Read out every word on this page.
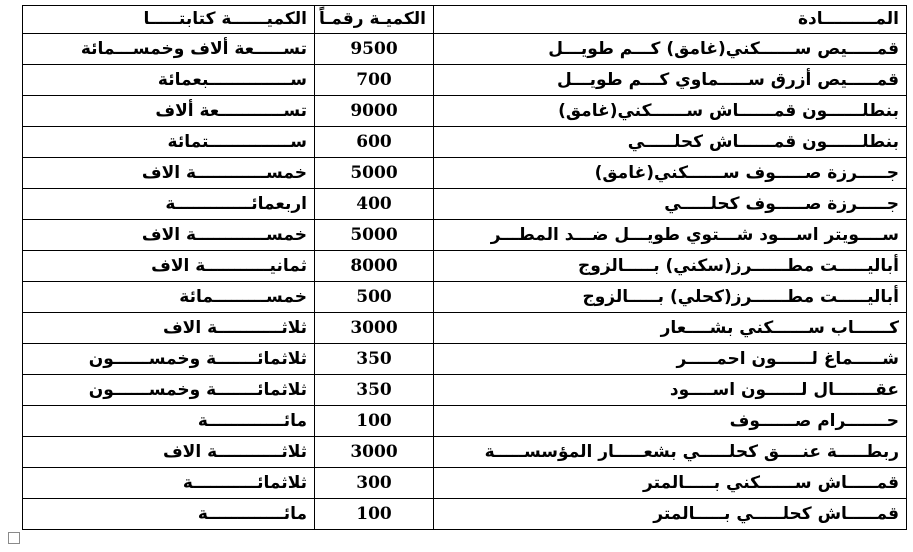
المـــــــــادة	الكميـة رقمـاً	الكميــــــة كتابتـــــا
قمـــــيص ســــــكني(غامق) كـــم طويـــل	9500	تســـــعة ألاف وخمســـمائة
قمـــــيص أزرق ســـــماوي كـــم طويـــل	700	ســــــــــــــبعمائة
بنطلــــــون قمــــــاش ســــــكني(غامق)	9000	تســـــــــــعة ألاف
بنطلــــــون قمــــــاش كحلـــــي	600	ســــــــــــــتمائة
جـــــرزة صـــــوف ســــــكني(غامق)	5000	خمســــــــــــة الاف
جـــــرزة صـــــوف كحلـــــي	400	اربعمائـــــــــــــة
ســــويتر اســـود شـــتوي طويـــل ضـــد المطـــر	5000	خمســــــــــــة الاف
أباليـــــت مطــــــرز(سكني) بـــــالزوج	8000	ثمانيـــــــــــة الاف
أباليـــــت مطــــــرز(كحلي) بـــــالزوج	500	خمســـــــــمائة
كــــــاب ســــــكني بشــــعار	3000	ثلاثـــــــــــة الاف
شـــــماغ لــــــون احمـــــر	350	ثلاثمائـــــــة وخمســــــون
عقـــــــال لــــــون اســــود	350	ثلاثمائـــــــة وخمســــــون
حـــــــرام صــــــوف	100	مائـــــــــــــة
ربطـــــة عنــــق كحلـــــي بشعـــــار المؤسســـــة	3000	ثلاثـــــــــــة الاف
قمـــــاش ســــــكني بـــــالمتر	300	ثلاثمائـــــــــــة
قمـــــاش كحلـــــي بـــــالمتر	100	مائـــــــــــــة
